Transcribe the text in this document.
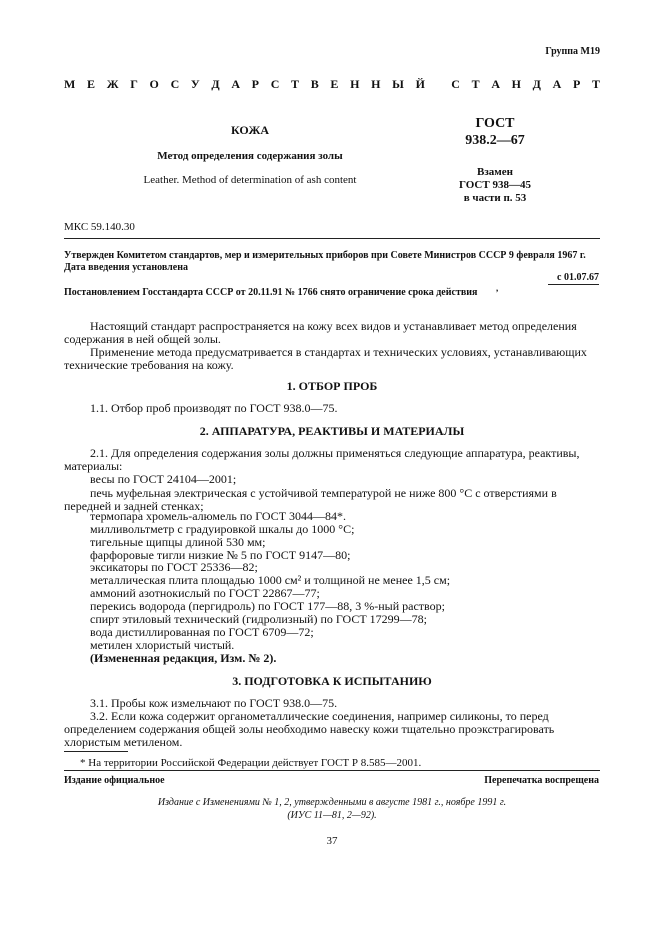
Группа М19
М Е Ж Г О С У Д А Р С Т В Е Н Н Ы Й
С Т А Н Д А Р Т
КОЖА
Метод определения содержания золы
Leather. Method of determination of ash content
ГОСТ
938.2—67
Взамен
ГОСТ 938—45
в части п. 53
МКС 59.140.30
Утвержден Комитетом стандартов, мер и измерительных приборов при Совете Министров СССР 9 февраля 1967 г.
Дата введения установлена
с 01.07.67
Постановлением Госстандарта СССР от 20.11.91 № 1766 снято ограничение срока действия	,
Настоящий стандарт распространяется на кожу всех видов и устанавливает метод определения
содержания в ней общей золы.
Применение метода предусматривается в стандартах и технических условиях, устанавливающих
технические требования на кожу.
1. ОТБОР ПРОБ
1.1. Отбор проб производят по ГОСТ 938.0—75.
2. АППАРАТУРА, РЕАКТИВЫ И МАТЕРИАЛЫ
2.1. Для определения содержания золы должны применяться следующие аппаратура, реактивы,
материалы:
весы по ГОСТ 24104—2001;
печь муфельная электрическая с устойчивой температурой не ниже 800 °С с отверстиями в
передней и задней стенках;
термопара хромель-алюмель по ГОСТ 3044—84*.
милливольтметр с градуировкой шкалы до 1000 °С;
тигельные щипцы длиной 530 мм;
фарфоровые тигли низкие № 5 по ГОСТ 9147—80;
эксикаторы по ГОСТ 25336—82;
металлическая плита площадью 1000 см² и толщиной не менее 1,5 см;
аммоний азотнокислый по ГОСТ 22867—77;
перекись водорода (пергидроль) по ГОСТ 177—88, 3 %-ный раствор;
спирт этиловый технический (гидролизный) по ГОСТ 17299—78;
вода дистиллированная по ГОСТ 6709—72;
метилен хлористый чистый.
(Измененная редакция, Изм. № 2).
3. ПОДГОТОВКА К ИСПЫТАНИЮ
3.1. Пробы кож измельчают по ГОСТ 938.0—75.
3.2. Если кожа содержит органометаллические соединения, например силиконы, то перед
определением содержания общей золы необходимо навеску кожи тщательно проэкстрагировать
хлористым метиленом.
* На территории Российской Федерации действует ГОСТ Р 8.585—2001.
Издание официальное	Перепечатка воспрещена
Издание с Изменениями № 1, 2, утвержденными в августе 1981 г., ноябре 1991 г.
(ИУС 11—81, 2—92).
37
